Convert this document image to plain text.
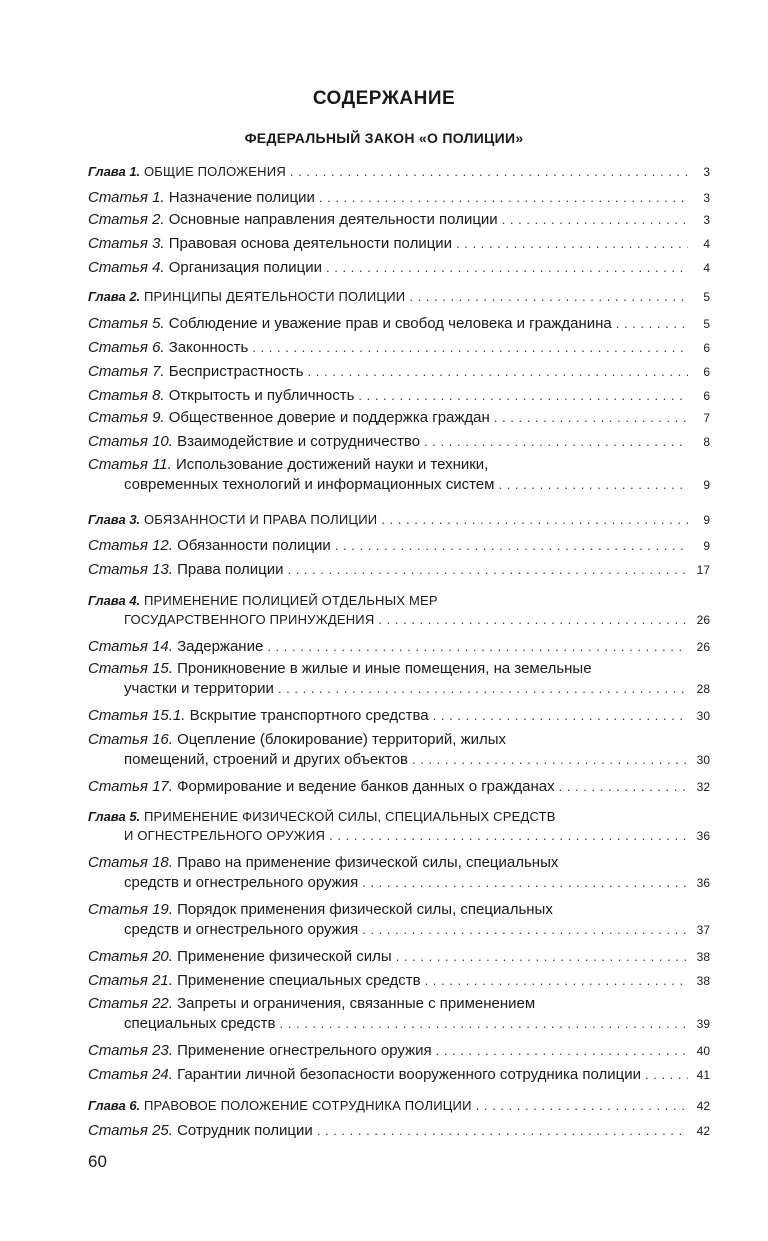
СОДЕРЖАНИЕ
ФЕДЕРАЛЬНЫЙ ЗАКОН «О ПОЛИЦИИ»
Глава 1. ОБЩИЕ ПОЛОЖЕНИЯ . . .	3
Статья 1. Назначение полиции . . .	3
Статья 2. Основные направления деятельности полиции . . .	3
Статья 3. Правовая основа деятельности полиции . . .	4
Статья 4. Организация полиции . . .	4
Глава 2. ПРИНЦИПЫ ДЕЯТЕЛЬНОСТИ ПОЛИЦИИ . . .	5
Статья 5. Соблюдение и уважение прав и свобод человека и гражданина . . .	5
Статья 6. Законность . . .	6
Статья 7. Беспристрастность . . .	6
Статья 8. Открытость и публичность . . .	6
Статья 9. Общественное доверие и поддержка граждан . . .	7
Статья 10. Взаимодействие и сотрудничество . . .	8
Статья 11. Использование достижений науки и техники,
современных технологий и информационных систем . . .	9
Глава 3. ОБЯЗАННОСТИ И ПРАВА ПОЛИЦИИ . . .	9
Статья 12. Обязанности полиции . . .	9
Статья 13. Права полиции . . .	17
Глава 4. ПРИМЕНЕНИЕ ПОЛИЦИЕЙ ОТДЕЛЬНЫХ МЕР
ГОСУДАРСТВЕННОГО ПРИНУЖДЕНИЯ . . .	26
Статья 14. Задержание . . .	26
Статья 15. Проникновение в жилые и иные помещения, на земельные
участки и территории . . .	28
Статья 15.1. Вскрытие транспортного средства . . .	30
Статья 16. Оцепление (блокирование) территорий, жилых
помещений, строений и других объектов . . .	30
Статья 17. Формирование и ведение банков данных о гражданах . . .	32
Глава 5. ПРИМЕНЕНИЕ ФИЗИЧЕСКОЙ СИЛЫ, СПЕЦИАЛЬНЫХ СРЕДСТВ
И ОГНЕСТРЕЛЬНОГО ОРУЖИЯ . . .	36
Статья 18. Право на применение физической силы, специальных
средств и огнестрельного оружия . . .	36
Статья 19. Порядок применения физической силы, специальных
средств и огнестрельного оружия . . .	37
Статья 20. Применение физической силы . . .	38
Статья 21. Применение специальных средств . . .	38
Статья 22. Запреты и ограничения, связанные с применением
специальных средств . . .	39
Статья 23. Применение огнестрельного оружия . . .	40
Статья 24. Гарантии личной безопасности вооруженного сотрудника полиции . . .	41
Глава 6. ПРАВОВОЕ ПОЛОЖЕНИЕ СОТРУДНИКА ПОЛИЦИИ . . .	42
Статья 25. Сотрудник полиции . . .	42
60
